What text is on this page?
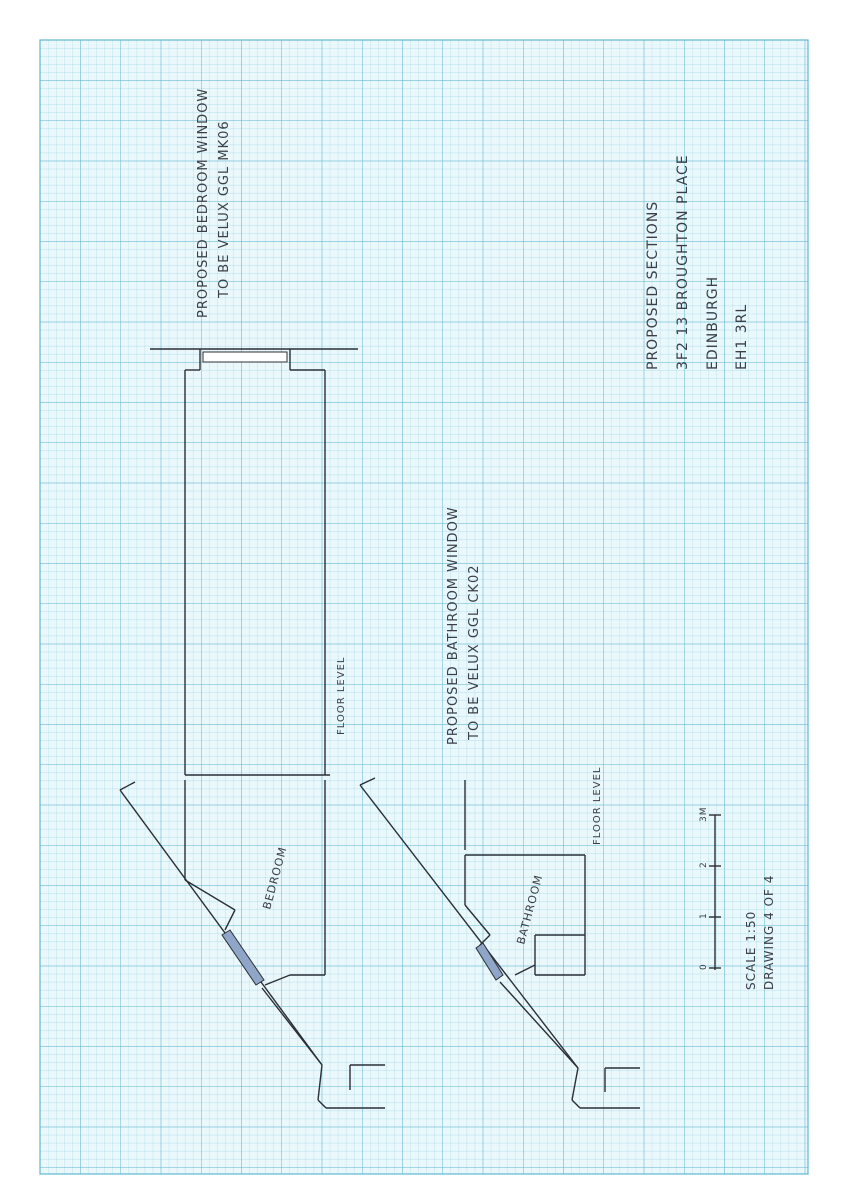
0
1
2
3M
PROPOSED BEDROOM WINDOW TO BE VELUX GGL MK06
PROPOSED BATHROOM WINDOW TO BE VELUX GGL CK02
PROPOSED SECTIONS 3F2 13 BROUGHTON PLACE EDINBURGH EH1 3RL
SCALE 1:50 DRAWING 4 OF 4
FLOOR LEVEL
FLOOR LEVEL
BEDROOM	BATHROOM
